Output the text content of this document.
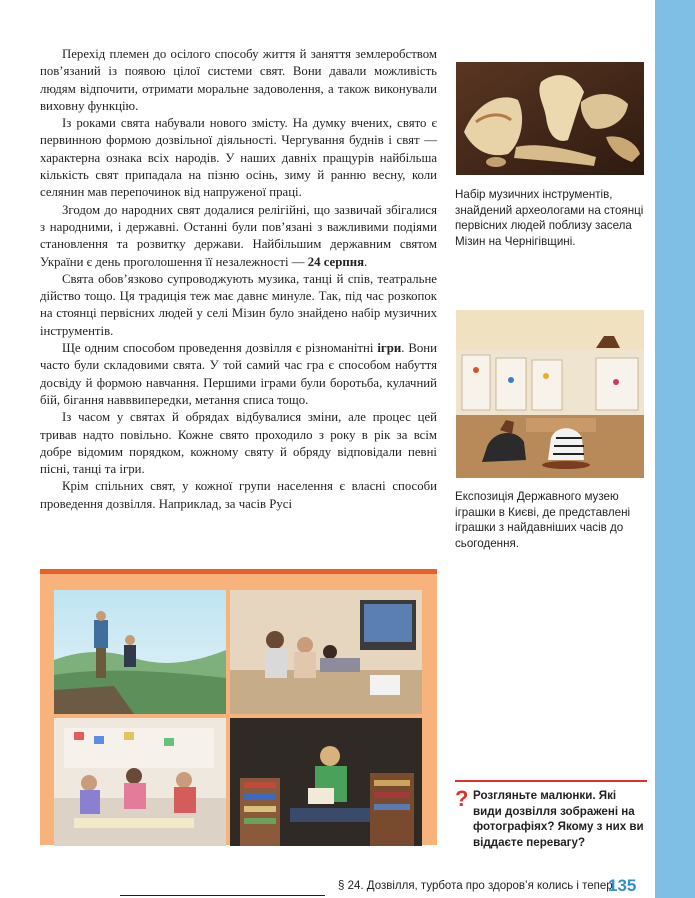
Перехід племен до осілого способу життя й заняття землеробством пов’язаний із появою цілої системи свят. Вони давали можливість людям відпочити, отримати моральне задоволення, а також виконували виховну функцію.

Із роками свята набували нового змісту. На думку вчених, свято є первинною формою дозвільної діяльності. Чергування буднів і свят — характерна ознака всіх народів. У наших давніх пращурів найбільша кількість свят припадала на пізню осінь, зиму й ранню весну, коли селянин мав перепочинок від напруженої праці.

Згодом до народних свят додалися релігійні, що зазвичай збігалися з народними, і державні. Останні були пов’язані з важливими подіями становлення та розвитку держави. Найбільшим державним святом України є день проголошення її незалежності — 24 серпня.

Свята обов’язково супроводжують музика, танці й спів, театральне дійство тощо. Ця традиція теж має давнє минуле. Так, під час розкопок на стоянці первісних людей у селі Мізин було знайдено набір музичних інструментів.

Ще одним способом проведення дозвілля є різноманітні ігри. Вони часто були складовими свята. У той самий час гра є способом набуття досвіду й формою навчання. Першими іграми були боротьба, кулачний бій, бігання навввипередки, метання списа тощо.

Із часом у святах й обрядах відбувалися зміни, але процес цей тривав надто повільно. Кожне свято проходило з року в рік за всім добре відомим порядком, кожному святу й обряду відповідали певні пісні, танці та ігри.

Крім спільних свят, у кожної групи населення є власні способи проведення дозвілля. Наприклад, за часів Русі

Набір музичних інструментів, знайдений археологами на стоянці первісних людей поблизу засела Мізин на Чернігівщині.
Експозиція Державного музею іграшки в Києві, де представлені іграшки з найдавніших часів до сьогодення.
? Розгляньте малюнки. Які види дозвілля зображені на фотографіях? Якому з них ви віддаєте перевагу?
§ 24. Дозвілля, турбота про здоров’я колись і тепер
135
